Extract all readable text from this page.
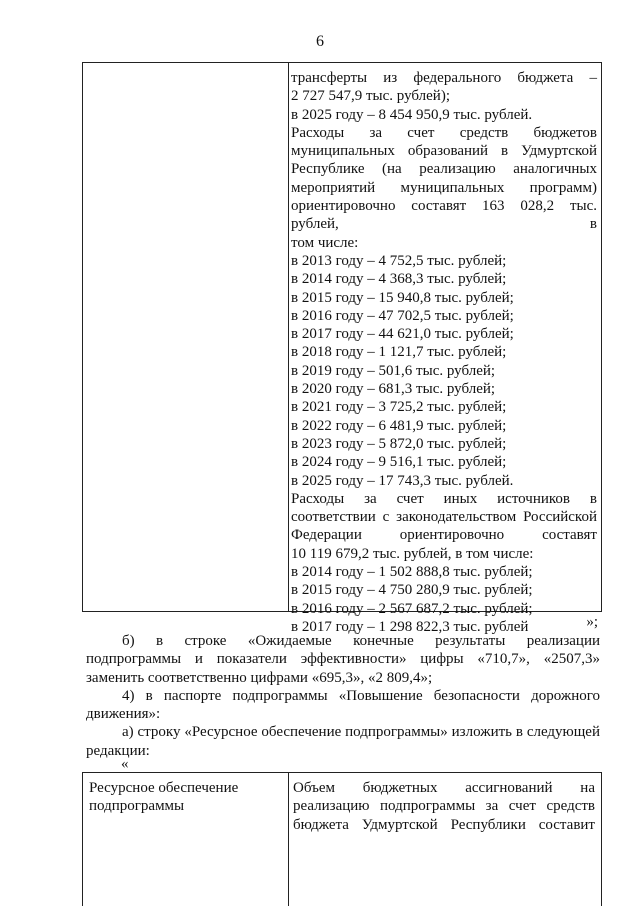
6
трансферты из федерального бюджета –
2 727 547,9 тыс. рублей);
в 2025 году – 8 454 950,9 тыс. рублей.
Расходы за счет средств бюджетов
муниципальных образований в Удмуртской
Республике (на реализацию аналогичных
мероприятий муниципальных программ)
ориентировочно составят 163 028,2 тыс. рублей, в
том числе:
в 2013 году – 4 752,5 тыс. рублей;
в 2014 году – 4 368,3 тыс. рублей;
в 2015 году – 15 940,8 тыс. рублей;
в 2016 году – 47 702,5 тыс. рублей;
в 2017 году – 44 621,0 тыс. рублей;
в 2018 году – 1 121,7 тыс. рублей;
в 2019 году – 501,6 тыс. рублей;
в 2020 году – 681,3 тыс. рублей;
в 2021 году – 3 725,2 тыс. рублей;
в 2022 году – 6 481,9 тыс. рублей;
в 2023 году – 5 872,0 тыс. рублей;
в 2024 году – 9 516,1 тыс. рублей;
в 2025 году – 17 743,3 тыс. рублей.
Расходы за счет иных источников в
соответствии с законодательством Российской
Федерации ориентировочно составят
10 119 679,2 тыс. рублей, в том числе:
в 2014 году – 1 502 888,8 тыс. рублей;
в 2015 году – 4 750 280,9 тыс. рублей;
в 2016 году – 2 567 687,2 тыс. рублей;
в 2017 году – 1 298 822,3 тыс. рублей	»;
б) в строке «Ожидаемые конечные результаты реализации
подпрограммы и показатели эффективности» цифры «710,7», «2507,3»
заменить соответственно цифрами «695,3», «2 809,4»;
4) в паспорте подпрограммы «Повышение безопасности дорожного
движения»:
а) строку «Ресурсное обеспечение подпрограммы» изложить в следующей
редакции:
«
Ресурсное обеспечение
подпрограммы
Объем бюджетных ассигнований на
реализацию подпрограммы за счет средств
бюджета Удмуртской Республики составит
